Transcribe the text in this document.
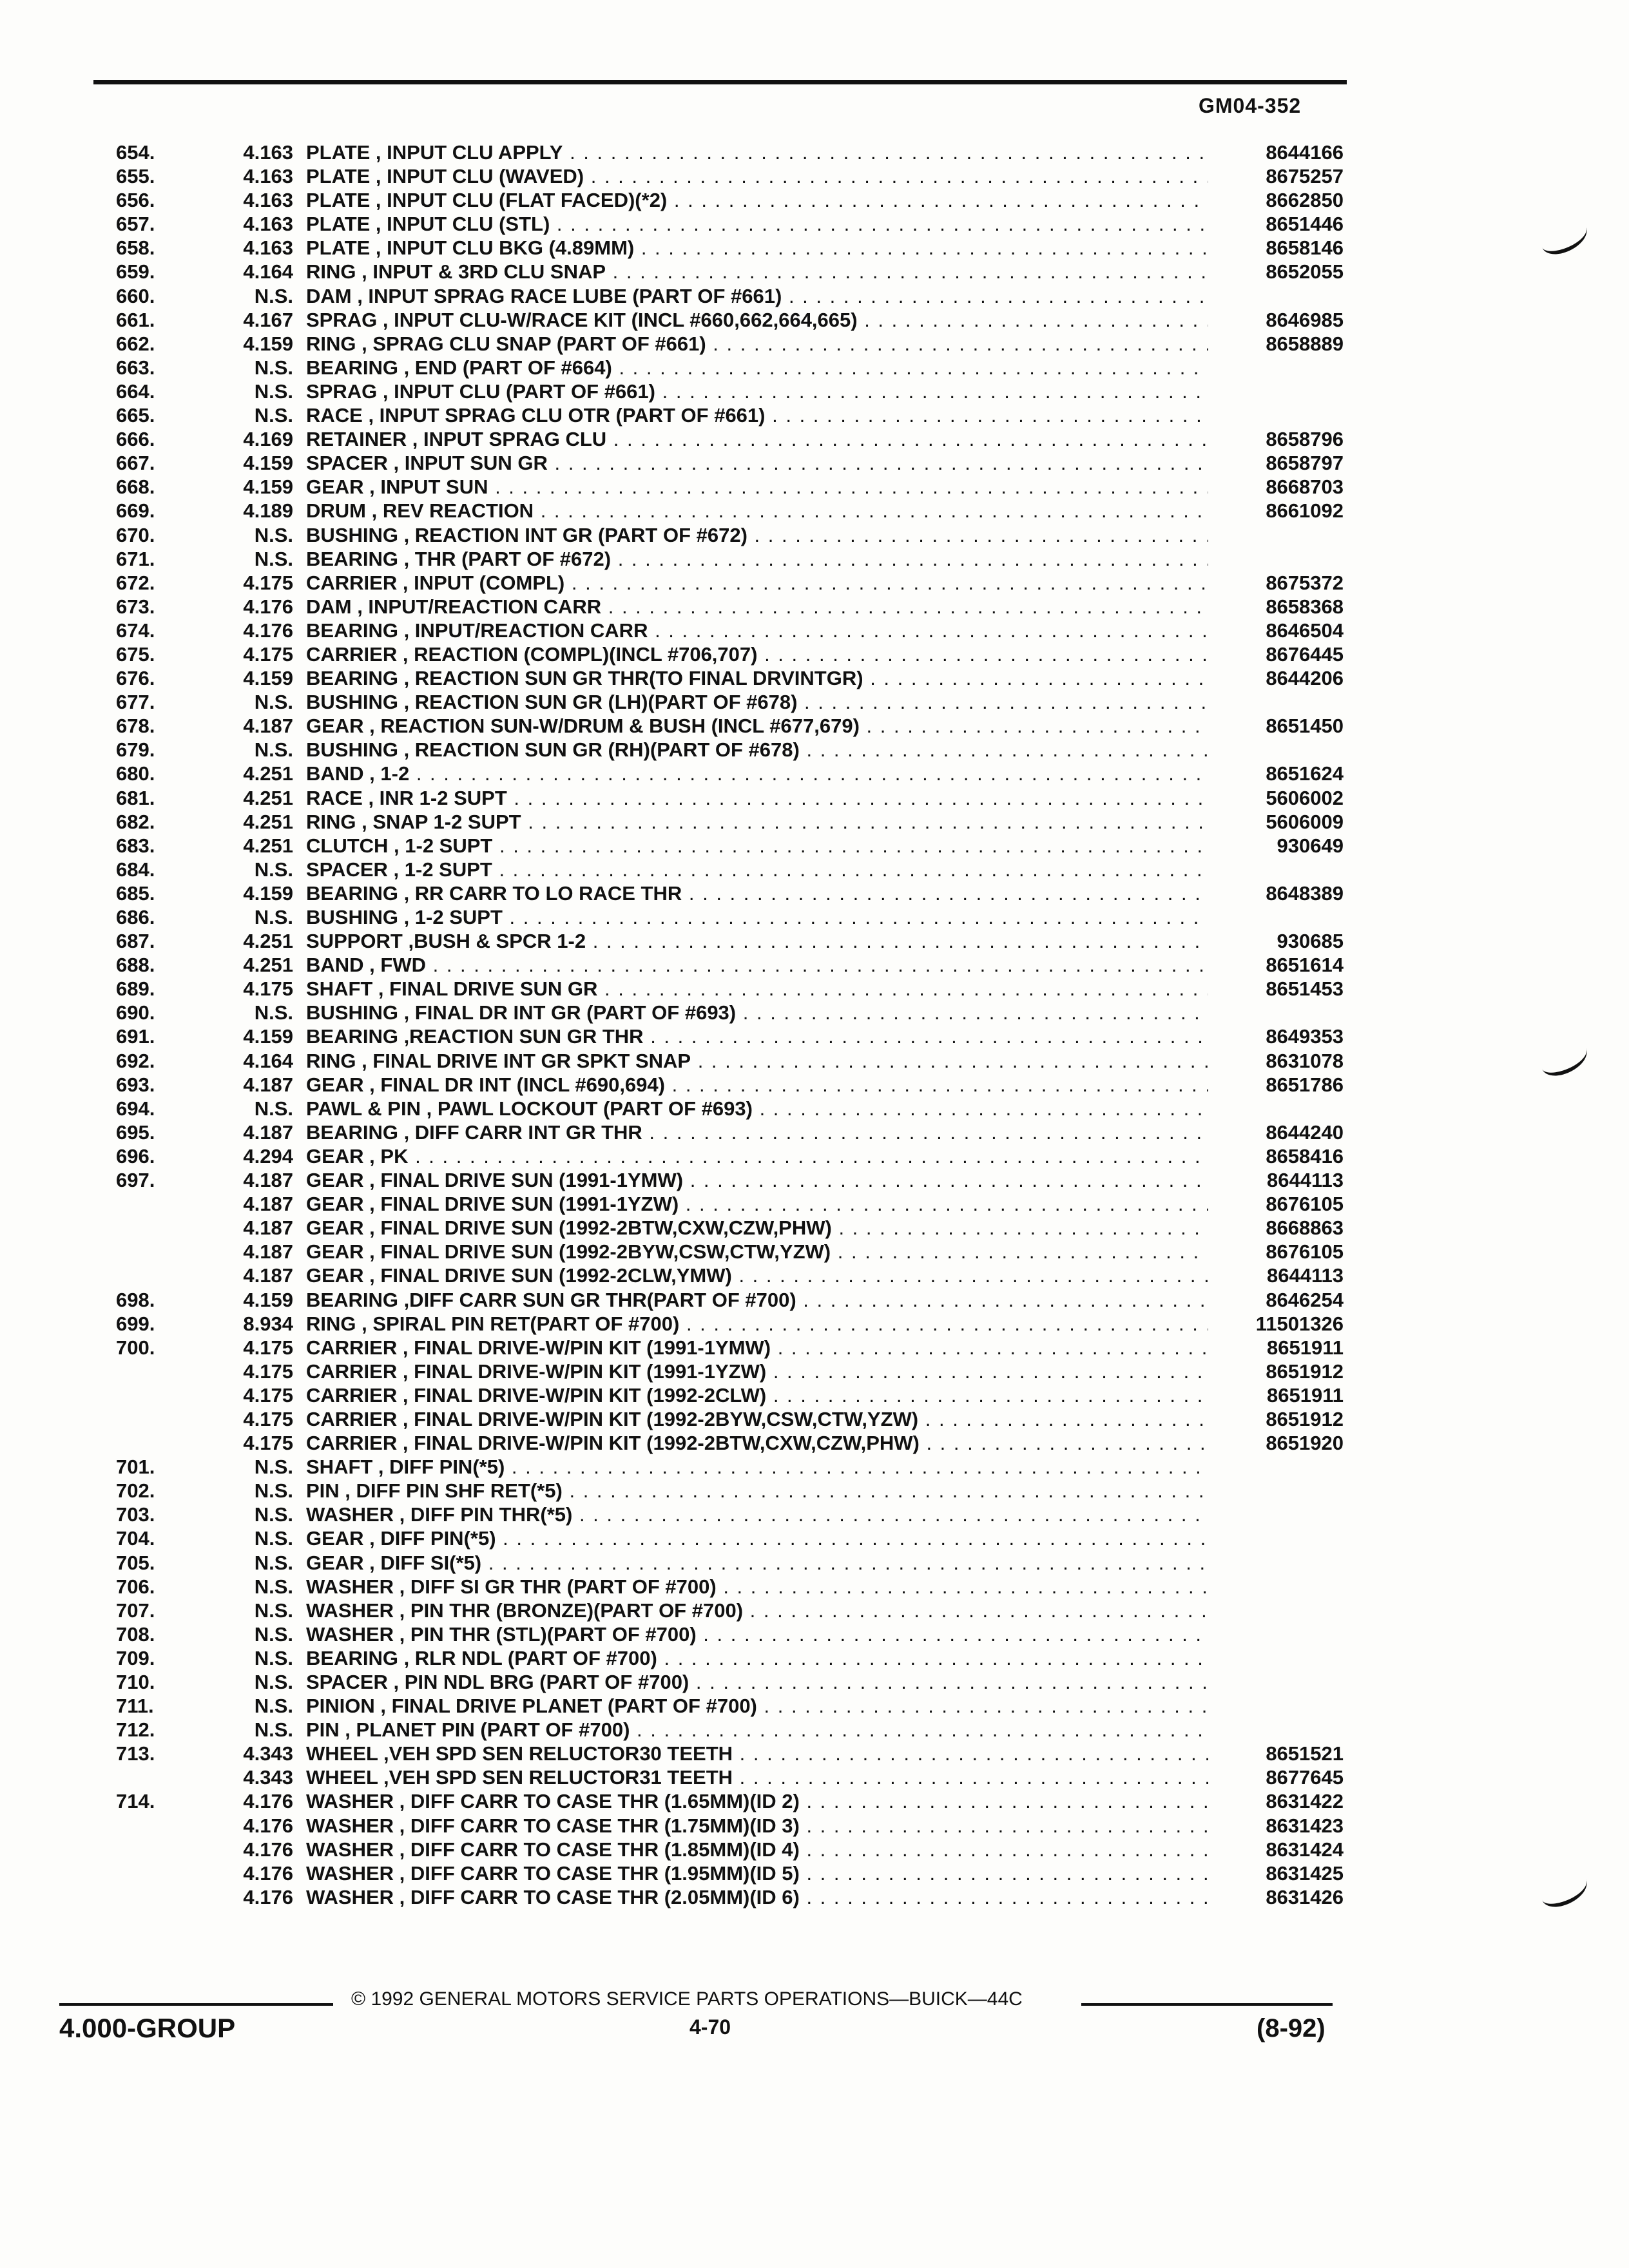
GM04-352
654.	4.163 PLATE , INPUT CLU APPLY . . .	8644166
655.	4.163 PLATE , INPUT CLU (WAVED) . . .	8675257
656.	4.163 PLATE , INPUT CLU (FLAT FACED)(*2) . . .	8662850
657.	4.163 PLATE , INPUT CLU (STL) . . .	8651446
658.	4.163 PLATE , INPUT CLU BKG (4.89MM) . . .	8658146
659.	4.164 RING , INPUT & 3RD CLU SNAP . . .	8652055
660.	N.S. DAM , INPUT SPRAG RACE LUBE (PART OF #661) . . .
661.	4.167 SPRAG , INPUT CLU-W/RACE KIT (INCL #660,662,664,665) . . .	8646985
662.	4.159 RING , SPRAG CLU SNAP (PART OF #661) . . .	8658889
663.	N.S. BEARING , END (PART OF #664) . . .
664.	N.S. SPRAG , INPUT CLU (PART OF #661) . . .
665.	N.S. RACE , INPUT SPRAG CLU OTR (PART OF #661) . . .
666.	4.169 RETAINER , INPUT SPRAG CLU . . .	8658796
667.	4.159 SPACER , INPUT SUN GR . . .	8658797
668.	4.159 GEAR , INPUT SUN . . .	8668703
669.	4.189 DRUM , REV REACTION . . .	8661092
670.	N.S. BUSHING , REACTION INT GR (PART OF #672) . . .
671.	N.S. BEARING , THR (PART OF #672) . . .
672.	4.175 CARRIER , INPUT (COMPL) . . .	8675372
673.	4.176 DAM , INPUT/REACTION CARR . . .	8658368
674.	4.176 BEARING , INPUT/REACTION CARR . . .	8646504
675.	4.175 CARRIER , REACTION (COMPL)(INCL #706,707) . . .	8676445
676.	4.159 BEARING , REACTION SUN GR THR(TO FINAL DRVINTGR) . . .	8644206
677.	N.S. BUSHING , REACTION SUN GR (LH)(PART OF #678) . . .
678.	4.187 GEAR , REACTION SUN-W/DRUM & BUSH (INCL #677,679) . . .	8651450
679.	N.S. BUSHING , REACTION SUN GR (RH)(PART OF #678) . . .
680.	4.251 BAND , 1-2 . . .	8651624
681.	4.251 RACE , INR 1-2 SUPT . . .	5606002
682.	4.251 RING , SNAP 1-2 SUPT . . .	5606009
683.	4.251 CLUTCH , 1-2 SUPT . . .	930649
684.	N.S. SPACER , 1-2 SUPT . . .
685.	4.159 BEARING , RR CARR TO LO RACE THR . . .	8648389
686.	N.S. BUSHING , 1-2 SUPT . . .
687.	4.251 SUPPORT ,BUSH & SPCR 1-2 . . .	930685
688.	4.251 BAND , FWD . . .	8651614
689.	4.175 SHAFT , FINAL DRIVE SUN GR . . .	8651453
690.	N.S. BUSHING , FINAL DR INT GR (PART OF #693) . . .
691.	4.159 BEARING ,REACTION SUN GR THR . . .	8649353
692.	4.164 RING , FINAL DRIVE INT GR SPKT SNAP . . .	8631078
693.	4.187 GEAR , FINAL DR INT (INCL #690,694) . . .	8651786
694.	N.S. PAWL & PIN , PAWL LOCKOUT (PART OF #693) . . .
695.	4.187 BEARING , DIFF CARR INT GR THR . . .	8644240
696.	4.294 GEAR , PK . . .	8658416
697.	4.187 GEAR , FINAL DRIVE SUN (1991-1YMW) . . .	8644113
4.187 GEAR , FINAL DRIVE SUN (1991-1YZW) . . .	8676105
4.187 GEAR , FINAL DRIVE SUN (1992-2BTW,CXW,CZW,PHW) . . .	8668863
4.187 GEAR , FINAL DRIVE SUN (1992-2BYW,CSW,CTW,YZW) . . .	8676105
4.187 GEAR , FINAL DRIVE SUN (1992-2CLW,YMW) . . .	8644113
698.	4.159 BEARING ,DIFF CARR SUN GR THR(PART OF #700) . . .	8646254
699.	8.934 RING , SPIRAL PIN RET(PART OF #700) . . .	11501326
700.	4.175 CARRIER , FINAL DRIVE-W/PIN KIT (1991-1YMW) . . .	8651911
4.175 CARRIER , FINAL DRIVE-W/PIN KIT (1991-1YZW) . . .	8651912
4.175 CARRIER , FINAL DRIVE-W/PIN KIT (1992-2CLW) . . .	8651911
4.175 CARRIER , FINAL DRIVE-W/PIN KIT (1992-2BYW,CSW,CTW,YZW) . . .	8651912
4.175 CARRIER , FINAL DRIVE-W/PIN KIT (1992-2BTW,CXW,CZW,PHW) . . .	8651920
701.	N.S. SHAFT , DIFF PIN(*5) . . .
702.	N.S. PIN , DIFF PIN SHF RET(*5) . . .
703.	N.S. WASHER , DIFF PIN THR(*5) . . .
704.	N.S. GEAR , DIFF PIN(*5) . . .
705.	N.S. GEAR , DIFF SI(*5) . . .
706.	N.S. WASHER , DIFF SI GR THR (PART OF #700) . . .
707.	N.S. WASHER , PIN THR (BRONZE)(PART OF #700) . . .
708.	N.S. WASHER , PIN THR (STL)(PART OF #700) . . .
709.	N.S. BEARING , RLR NDL (PART OF #700) . . .
710.	N.S. SPACER , PIN NDL BRG (PART OF #700) . . .
711.	N.S. PINION , FINAL DRIVE PLANET (PART OF #700) . . .
712.	N.S. PIN , PLANET PIN (PART OF #700) . . .
713.	4.343 WHEEL ,VEH SPD SEN RELUCTOR30 TEETH . . .	8651521
4.343 WHEEL ,VEH SPD SEN RELUCTOR31 TEETH . . .	8677645
714.	4.176 WASHER , DIFF CARR TO CASE THR (1.65MM)(ID 2) . . .	8631422
4.176 WASHER , DIFF CARR TO CASE THR (1.75MM)(ID 3) . . .	8631423
4.176 WASHER , DIFF CARR TO CASE THR (1.85MM)(ID 4) . . .	8631424
4.176 WASHER , DIFF CARR TO CASE THR (1.95MM)(ID 5) . . .	8631425
4.176 WASHER , DIFF CARR TO CASE THR (2.05MM)(ID 6) . . .	8631426
© 1992 GENERAL MOTORS SERVICE PARTS OPERATIONS—BUICK—44C
4.000-GROUP	4-70	(8-92)
